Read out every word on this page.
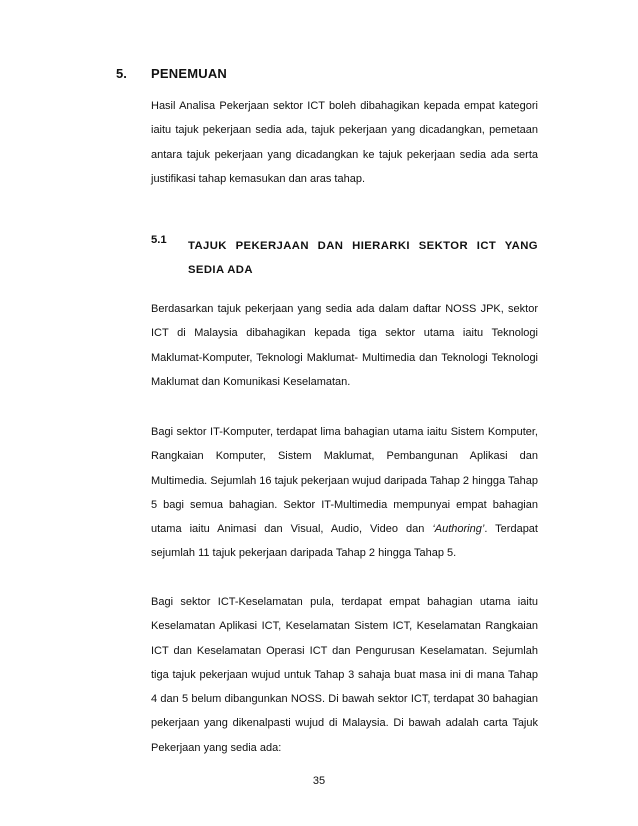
5. PENEMUAN
Hasil Analisa Pekerjaan sektor ICT boleh dibahagikan kepada empat kategori iaitu tajuk pekerjaan sedia ada, tajuk pekerjaan yang dicadangkan, pemetaan antara tajuk pekerjaan yang dicadangkan ke tajuk pekerjaan sedia ada serta justifikasi tahap kemasukan dan aras tahap.
5.1 TAJUK PEKERJAAN DAN HIERARKI SEKTOR ICT YANG SEDIA ADA
Berdasarkan tajuk pekerjaan yang sedia ada dalam daftar NOSS JPK, sektor ICT di Malaysia dibahagikan kepada tiga sektor utama iaitu Teknologi Maklumat-Komputer, Teknologi Maklumat- Multimedia dan Teknologi Teknologi Maklumat dan Komunikasi Keselamatan.
Bagi sektor IT-Komputer, terdapat lima bahagian utama iaitu Sistem Komputer, Rangkaian Komputer, Sistem Maklumat, Pembangunan Aplikasi dan Multimedia. Sejumlah 16 tajuk pekerjaan wujud daripada Tahap 2 hingga Tahap 5 bagi semua bahagian. Sektor IT-Multimedia mempunyai empat bahagian utama iaitu Animasi dan Visual, Audio, Video dan ‘Authoring’. Terdapat sejumlah 11 tajuk pekerjaan daripada Tahap 2 hingga Tahap 5.
Bagi sektor ICT-Keselamatan pula, terdapat empat bahagian utama iaitu Keselamatan Aplikasi ICT, Keselamatan Sistem ICT, Keselamatan Rangkaian ICT dan Keselamatan Operasi ICT dan Pengurusan Keselamatan. Sejumlah tiga tajuk pekerjaan wujud untuk Tahap 3 sahaja buat masa ini di mana Tahap 4 dan 5 belum dibangunkan NOSS. Di bawah sektor ICT, terdapat 30 bahagian pekerjaan yang dikenalpasti wujud di Malaysia. Di bawah adalah carta Tajuk Pekerjaan yang sedia ada:
35
